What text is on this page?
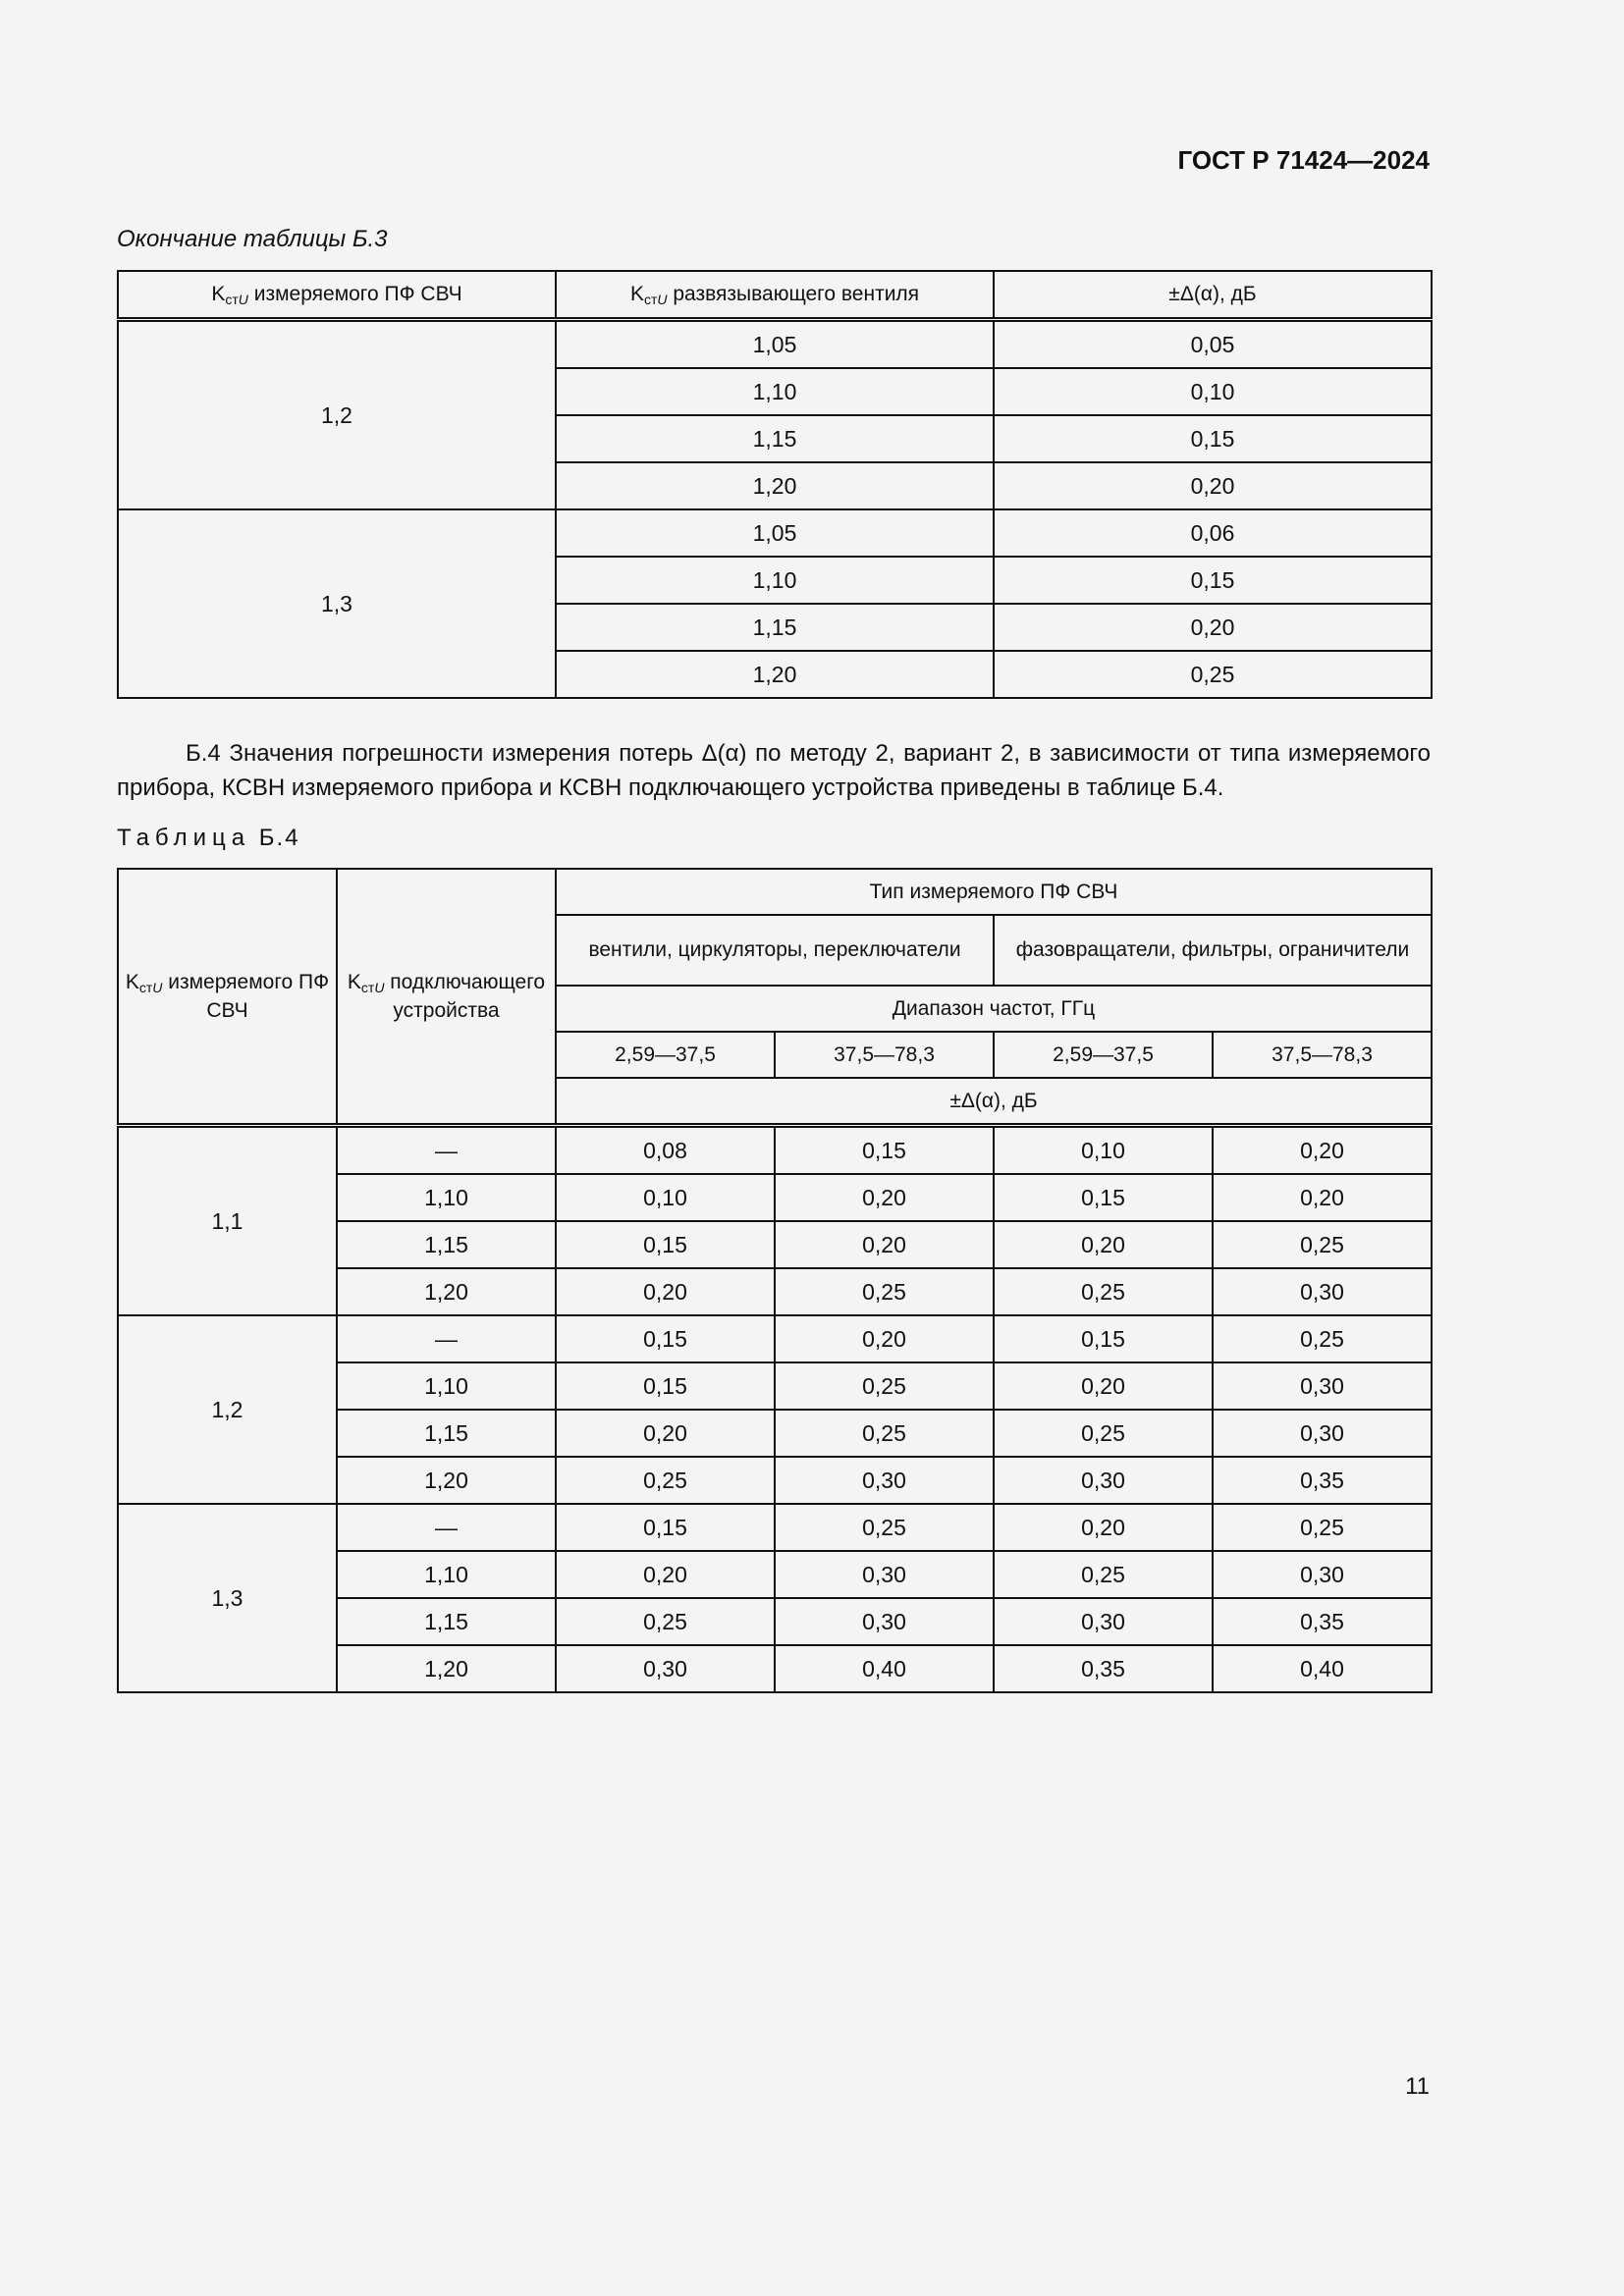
ГОСТ Р 71424—2024
Окончание таблицы Б.3
$K_{стU}$ измеряемого ПФ СВЧ	$K_{стU}$ развязывающего вентиля	±Δ(α), дБ
1,2	1,05	0,05
	1,10	0,10
	1,15	0,15
	1,20	0,20
1,3	1,05	0,06
	1,10	0,15
	1,15	0,20
	1,20	0,25

Б.4 Значения погрешности измерения потерь Δ(α) по методу 2, вариант 2, в зависимости от типа измеряемого прибора, КСВН измеряемого прибора и КСВН подключающего устройства приведены в таблице Б.4.

Таблица Б.4
$K_{стU}$ измеряемого ПФ СВЧ	$K_{стU}$ подключающего устройства	Тип измеряемого ПФ СВЧ			
		вентили, циркуляторы, переключатели		фазовращатели, фильтры, ограничители	
		Диапазон частот, ГГц			
		2,59—37,5	37,5—78,3	2,59—37,5	37,5—78,3
		±Δ(α), дБ			
1,1	—	0,08	0,15	0,10	0,20
	1,10	0,10	0,20	0,15	0,20
	1,15	0,15	0,20	0,20	0,25
	1,20	0,20	0,25	0,25	0,30
1,2	—	0,15	0,20	0,15	0,25
	1,10	0,15	0,25	0,20	0,30
	1,15	0,20	0,25	0,25	0,30
	1,20	0,25	0,30	0,30	0,35
1,3	—	0,15	0,25	0,20	0,25
	1,10	0,20	0,30	0,25	0,30
	1,15	0,25	0,30	0,30	0,35
	1,20	0,30	0,40	0,35	0,40
11
